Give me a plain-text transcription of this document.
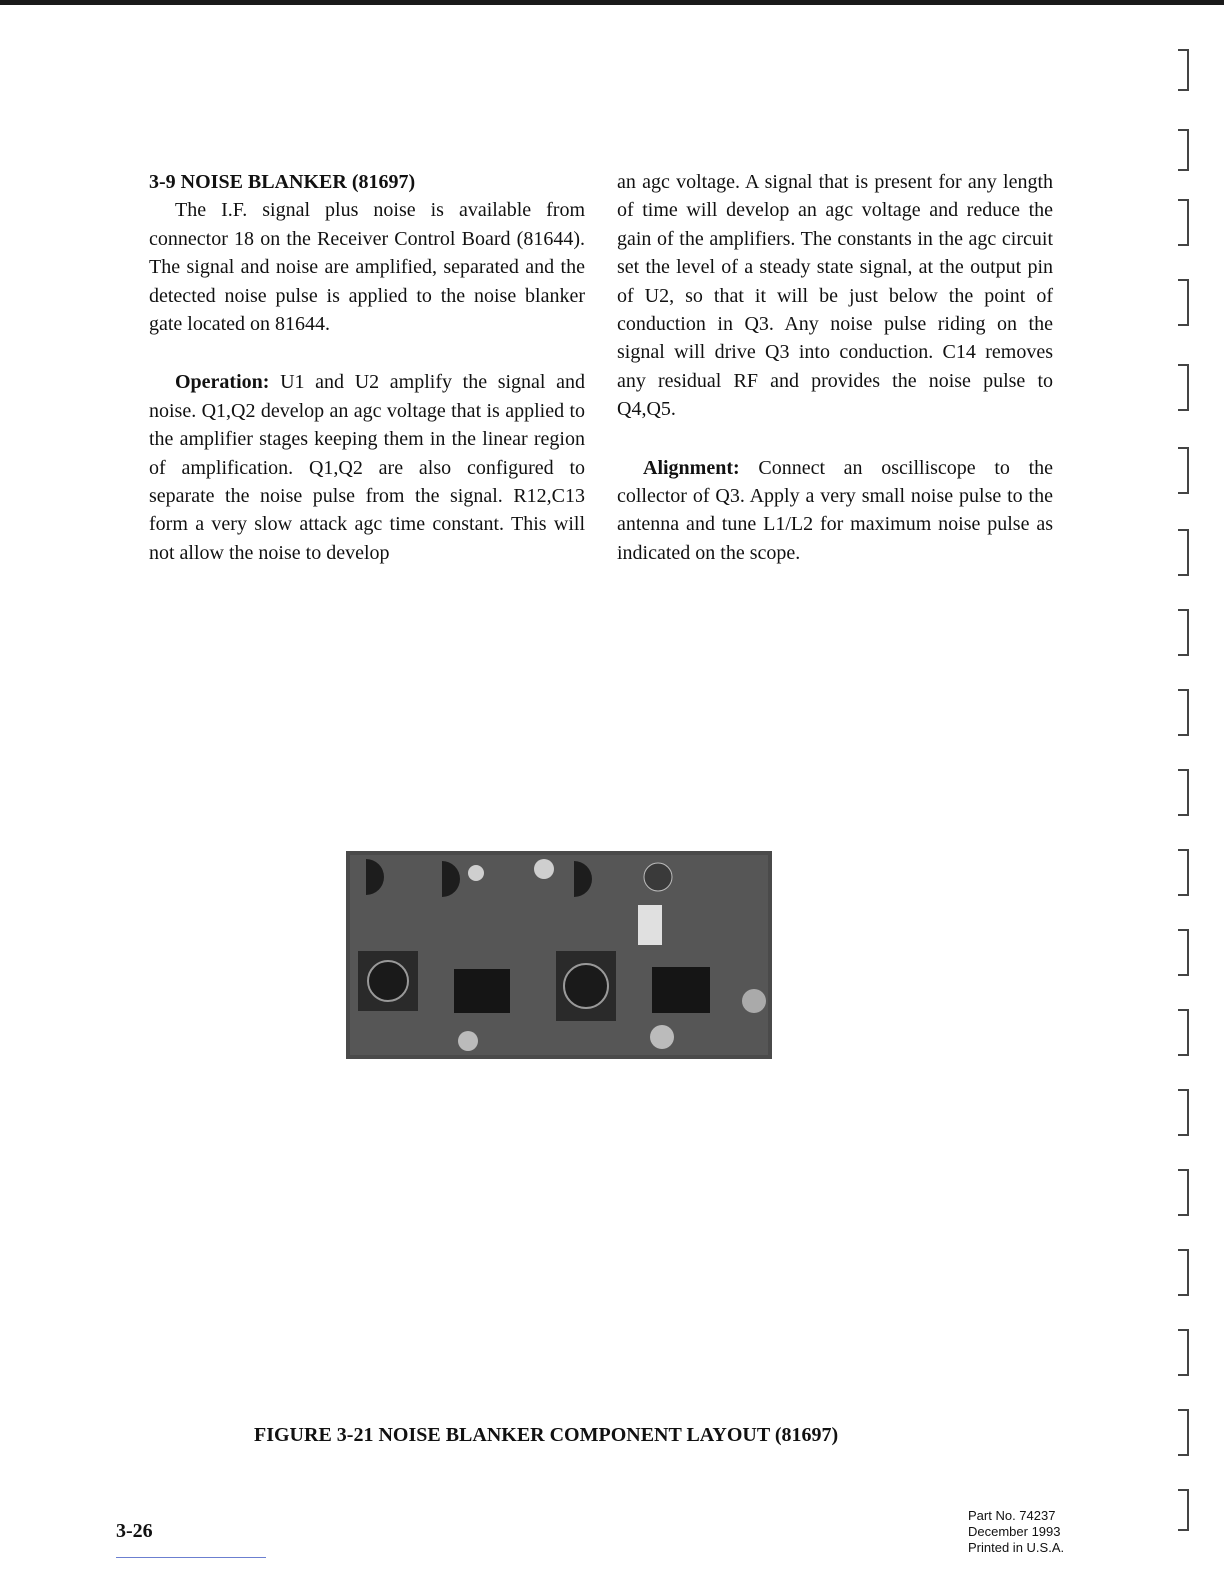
3-9 NOISE BLANKER (81697)

The I.F. signal plus noise is available from connector 18 on the Receiver Control Board (81644). The signal and noise are amplified, separated and the detected noise pulse is applied to the noise blanker gate located on 81644.

Operation: U1 and U2 amplify the signal and noise. Q1,Q2 develop an agc voltage that is applied to the amplifier stages keeping them in the linear region of amplification. Q1,Q2 are also configured to separate the noise pulse from the signal. R12,C13 form a very slow attack agc time constant. This will not allow the noise to develop

an agc voltage. A signal that is present for any length of time will develop an agc voltage and reduce the gain of the amplifiers. The constants in the agc circuit set the level of a steady state signal, at the output pin of U2, so that it will be just below the point of conduction in Q3. Any noise pulse riding on the signal will drive Q3 into conduction. C14 removes any residual RF and provides the noise pulse to Q4,Q5.

Alignment: Connect an oscilliscope to the collector of Q3. Apply a very small noise pulse to the antenna and tune L1/L2 for maximum noise pulse as indicated on the scope.

FIGURE 3-21 NOISE BLANKER COMPONENT LAYOUT (81697)
3-26
Part No. 74237
December 1993
Printed in U.S.A.
